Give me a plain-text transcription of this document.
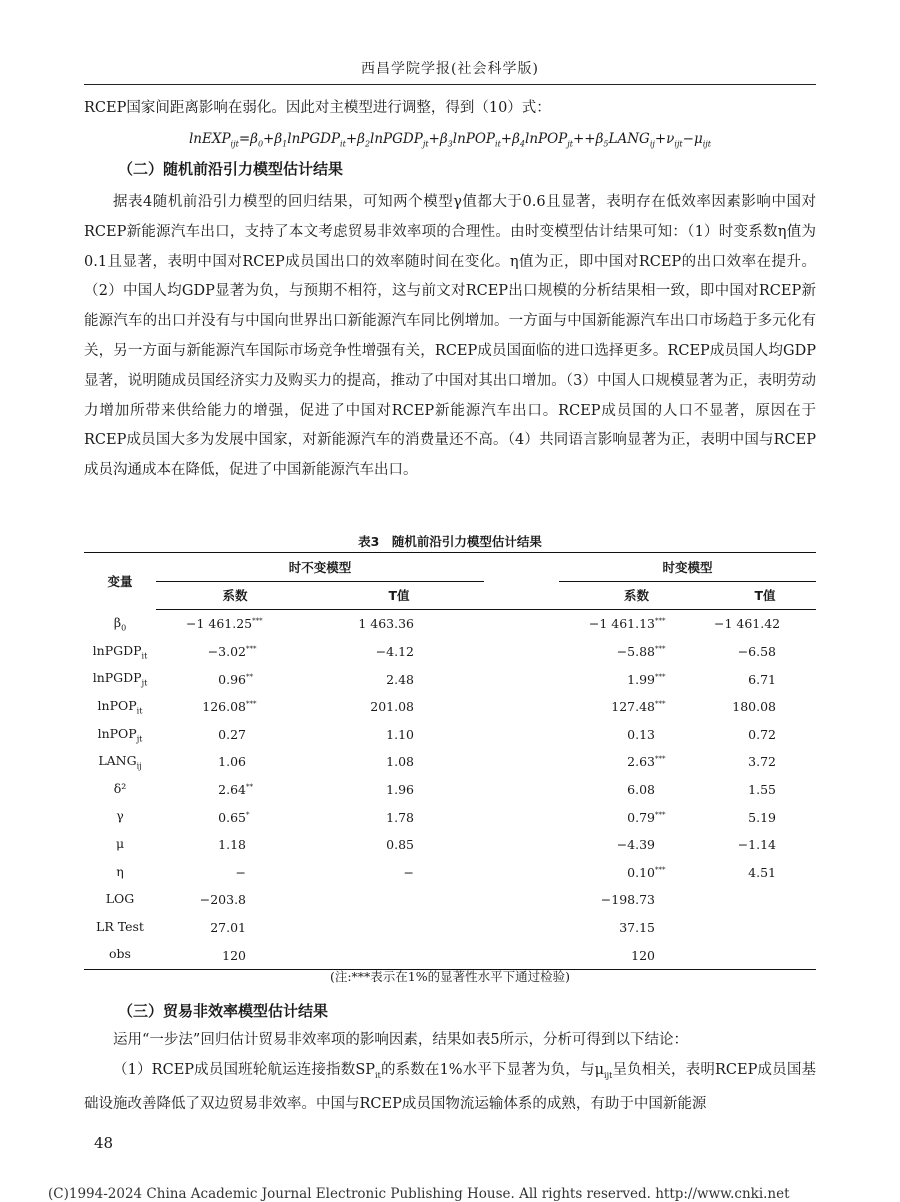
西昌学院学报(社会科学版)

RCEP国家间距离影响在弱化。因此对主模型进行调整，得到（10）式：

$lnEXP_{ijt}=\beta_0+\beta_1lnPGDP_{it}+\beta_2lnPGDP_{jt}+\beta_3lnPOP_{it}+\beta_4lnPOP_{jt}++\beta_5LANG_{ij}+\nu_{ijt}-\mu_{ijt}$
（二）随机前沿引力模型估计结果

据表4随机前沿引力模型的回归结果，可知两个模型γ值都大于0.6且显著，表明存在低效率因素影响中国对RCEP新能源汽车出口，支持了本文考虑贸易非效率项的合理性。由时变模型估计结果可知：（1）时变系数η值为0.1且显著，表明中国对RCEP成员国出口的效率随时间在变化。η值为正，即中国对RCEP的出口效率在提升。（2）中国人均GDP显著为负，与预期不相符，这与前文对RCEP出口规模的分析结果相一致，即中国对RCEP新能源汽车的出口并没有与中国向世界出口新能源汽车同比例增加。一方面与中国新能源汽车出口市场趋于多元化有关，另一方面与新能源汽车国际市场竞争性增强有关，RCEP成员国面临的进口选择更多。RCEP成员国人均GDP显著，说明随成员国经济实力及购买力的提高，推动了中国对其出口增加。（3）中国人口规模显著为正，表明劳动力增加所带来供给能力的增强，促进了中国对RCEP新能源汽车出口。RCEP成员国的人口不显著，原因在于RCEP成员国大多为发展中国家，对新能源汽车的消费量还不高。（4）共同语言影响显著为正，表明中国与RCEP成员沟通成本在降低，促进了中国新能源汽车出口。

表3　随机前沿引力模型估计结果
变量	时不变模型			时变模型	
	系数	T值		系数	T值
$\beta_0$	−1 461.25***	1 463.36		−1 461.13***	−1 461.42
lnPGDP$_{it}$	−3.02***	−4.12		−5.88***	−6.58
lnPGDP$_{jt}$	0.96**	2.48		1.99***	6.71
lnPOP$_{it}$	126.08***	201.08		127.48***	180.08
lnPOP$_{jt}$	0.27	1.10		0.13	0.72
$LANG_{ij}$	1.06	1.08		2.63***	3.72
δ²	2.64**	1.96		6.08	1.55
γ	0.65*	1.78		0.79***	5.19
μ	1.18	0.85		−4.39	−1.14
η	−	−		0.10***	4.51
LOG	−203.8			−198.73	
LR Test	27.01			37.15	
obs	120			120	
(注:***表示在1%的显著性水平下通过检验)
（三）贸易非效率模型估计结果

运用“一步法”回归估计贸易非效率项的影响因素，结果如表5所示，分析可得到以下结论：

（1）RCEP成员国班轮航运连接指数$SP_{it}$的系数在1%水平下显著为负，与$\mu_{ijt}$呈负相关，表明RCEP成员国基础设施改善降低了双边贸易非效率。中国与RCEP成员国物流运输体系的成熟，有助于中国新能源

48
(C)1994-2024 China Academic Journal Electronic Publishing House. All rights reserved. http://www.cnki.net
